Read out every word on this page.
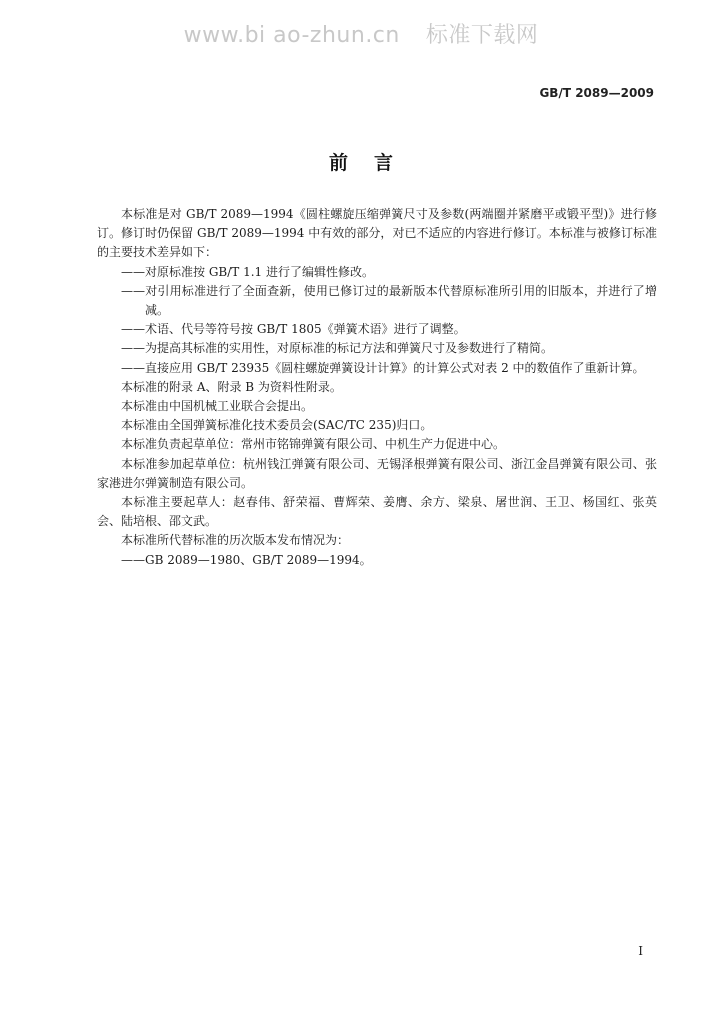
www.bi ao-zhun.cn 标准下载网
GB/T 2089—2009
前言

本标准是对 GB/T 2089—1994《圆柱螺旋压缩弹簧尺寸及参数(两端圈并紧磨平或锻平型)》进行修订。修订时仍保留 GB/T 2089—1994 中有效的部分，对已不适应的内容进行修订。本标准与被修订标准的主要技术差异如下：

——对原标准按 GB/T 1.1 进行了编辑性修改。

——对引用标准进行了全面查新，使用已修订过的最新版本代替原标准所引用的旧版本，并进行了增减。

——术语、代号等符号按 GB/T 1805《弹簧术语》进行了调整。

——为提高其标准的实用性，对原标准的标记方法和弹簧尺寸及参数进行了精简。

——直接应用 GB/T 23935《圆柱螺旋弹簧设计计算》的计算公式对表 2 中的数值作了重新计算。

本标准的附录 A、附录 B 为资料性附录。

本标准由中国机械工业联合会提出。

本标准由全国弹簧标准化技术委员会(SAC/TC 235)归口。

本标准负责起草单位：常州市铭锦弹簧有限公司、中机生产力促进中心。

本标准参加起草单位：杭州钱江弹簧有限公司、无锡泽根弹簧有限公司、浙江金昌弹簧有限公司、张家港进尔弹簧制造有限公司。

本标准主要起草人：赵春伟、舒荣福、曹辉荣、姜膺、余方、梁泉、屠世润、王卫、杨国红、张英会、陆培根、邵文武。

本标准所代替标准的历次版本发布情况为：

——GB 2089—1980、GB/T 2089—1994。

I
